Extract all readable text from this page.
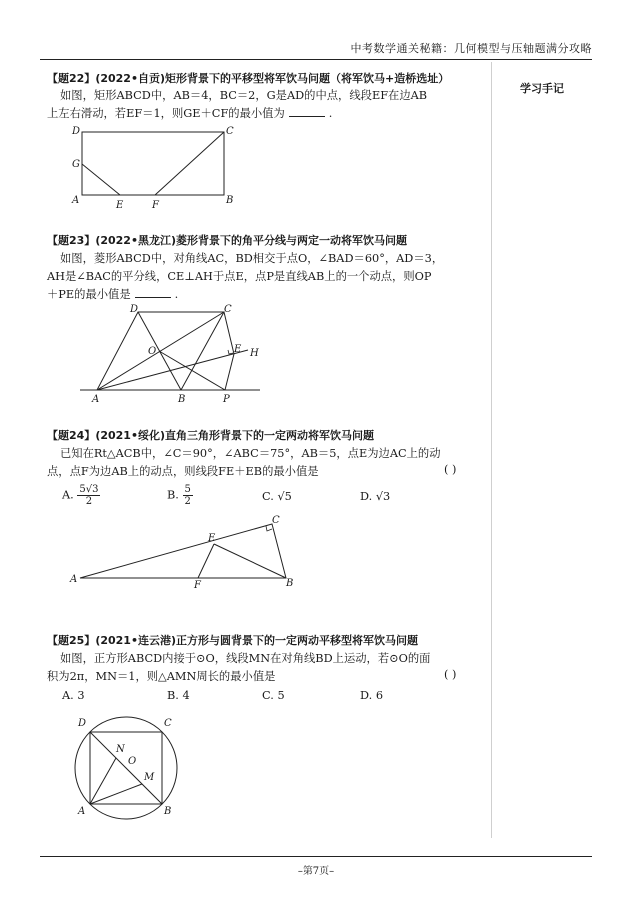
中考数学通关秘籍：几何模型与压轴题满分攻略
学习手记
【题22】(2022•自贡)矩形背景下的平移型将军饮马问题（将军饮马+造桥选址）
如图，矩形ABCD中，AB＝4，BC＝2，G是AD的中点，线段EF在边AB
上左右滑动，若EF＝1，则GE＋CF的最小值为	.
A	B
C
D
E	F
G
【题23】(2022•黑龙江)菱形背景下的角平分线与两定一动将军饮马问题
如图，菱形ABCD中，对角线AC，BD相交于点O，∠BAD＝60°，AD＝3，
AH是∠BAC的平分线，CE⊥AH于点E，点P是直线AB上的一个动点，则OP
＋PE的最小值是	.
A	B
C
D
E H
O
P
【题24】(2021•绥化)直角三角形背景下的一定两动将军饮马问题
已知在Rt△ACB中，∠C＝90°，∠ABC＝75°，AB＝5，点E为边AC上的动
点，点F为边AB上的动点，则线段FE＋EB的最小值是	( )
A. $\frac{5√3}{2}$	B. $\frac{5}{2}$	C. √5	D. √3
A	B
C
E
F
【题25】(2021•连云港)正方形与圆背景下的一定两动平移型将军饮马问题
如图，正方形ABCD内接于⊙O，线段MN在对角线BD上运动，若⊙O的面
积为2π，MN＝1，则△AMN周长的最小值是	( )
A. 3	B. 4	C. 5	D. 6
A	B
C
D
M
N
O
–第7页–
